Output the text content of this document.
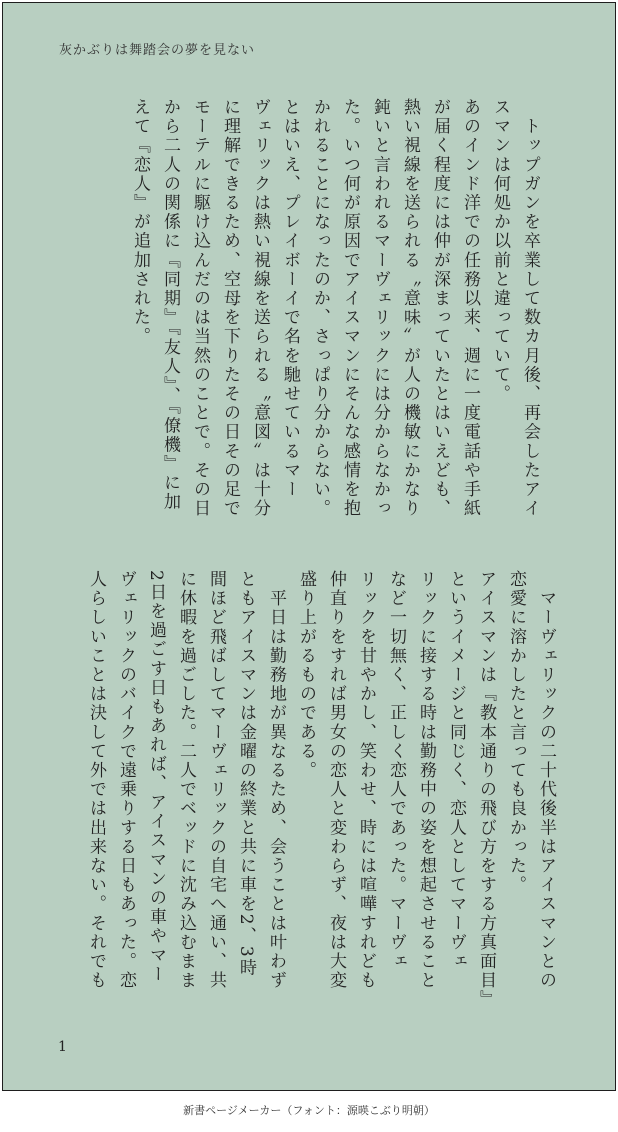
灰かぶりは舞踏会の夢を見ない
　トップガンを卒業して数カ月後、再会したアイ
スマンは何処か以前と違っていて。
あのインド洋での任務以来、週に一度電話や手紙
が届く程度には仲が深まっていたとはいえども、
熱い視線を送られる〝意味〟が人の機敏にかなり
鈍いと言われるマーヴェリックには分からなかっ
た。いつ何が原因でアイスマンにそんな感情を抱
かれることになったのか、さっぱり分からない。
とはいえ、プレイボーイで名を馳せているマー
ヴェリックは熱い視線を送られる〝意図〟は十分
に理解できるため、空母を下りたその日その足で
モーテルに駆け込んだのは当然のことで。その日
から二人の関係に『同期』『友人』、『僚機』に加
えて『恋人』が追加された。
　マーヴェリックの二十代後半はアイスマンとの
恋愛に溶かしたと言っても良かった。
アイスマンは『教本通りの飛び方をする方真面目』
というイメージと同じく、恋人としてマーヴェ
リックに接する時は勤務中の姿を想起させること
など一切無く、正しく恋人であった。マーヴェ
リックを甘やかし、笑わせ、時には喧嘩すれども
仲直りをすれば男女の恋人と変わらず、夜は大変
盛り上がるものである。
　平日は勤務地が異なるため、会うことは叶わず
ともアイスマンは金曜の終業と共に車を2、3時
間ほど飛ばしてマーヴェリックの自宅へ通い、共
に休暇を過ごした。二人でベッドに沈み込むまま
2日を過ごす日もあれば、アイスマンの車やマー
ヴェリックのバイクで遠乗りする日もあった。恋
人らしいことは決して外では出来ない。それでも
1
新書ページメーカー（フォント：源暎こぶり明朝）
